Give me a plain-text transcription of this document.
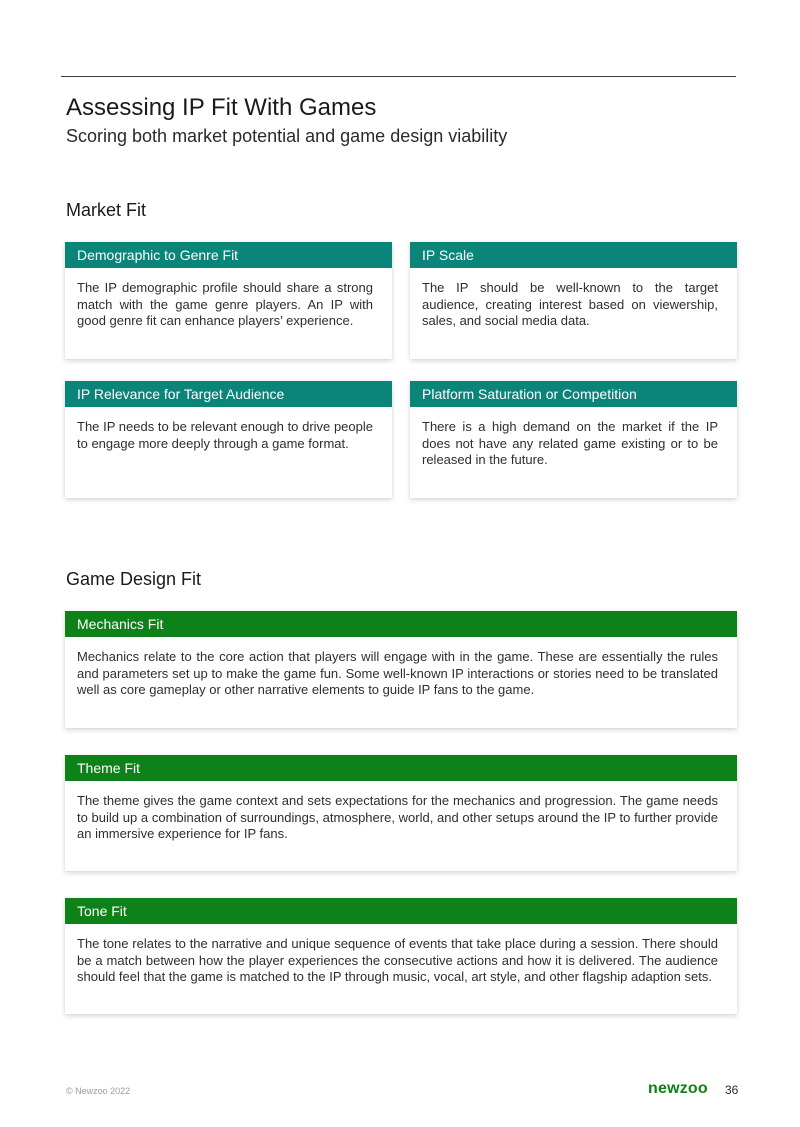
Assessing IP Fit With Games
Scoring both market potential and game design viability
Market Fit
Demographic to Genre Fit
The IP demographic profile should share a strong match with the game genre players. An IP with good genre fit can enhance players’ experience.
IP Scale
The IP should be well-known to the target audience, creating interest based on viewership, sales, and social media data.
IP Relevance for Target Audience
The IP needs to be relevant enough to drive people to engage more deeply through a game format.
Platform Saturation or Competition
There is a high demand on the market if the IP does not have any related game existing or to be released in the future.
Game Design Fit
Mechanics Fit
Mechanics relate to the core action that players will engage with in the game. These are essentially the rules and parameters set up to make the game fun. Some well-known IP interactions or stories need to be translated well as core gameplay or other narrative elements to guide IP fans to the game.
Theme Fit
The theme gives the game context and sets expectations for the mechanics and progression. The game needs to build up a combination of surroundings, atmosphere, world, and other setups around the IP to further provide an immersive experience for IP fans.
Tone Fit
The tone relates to the narrative and unique sequence of events that take place during a session. There should be a match between how the player experiences the consecutive actions and how it is delivered. The audience should feel that the game is matched to the IP through music, vocal, art style, and other flagship adaption sets.
© Newzoo 2022	newzoo 36
